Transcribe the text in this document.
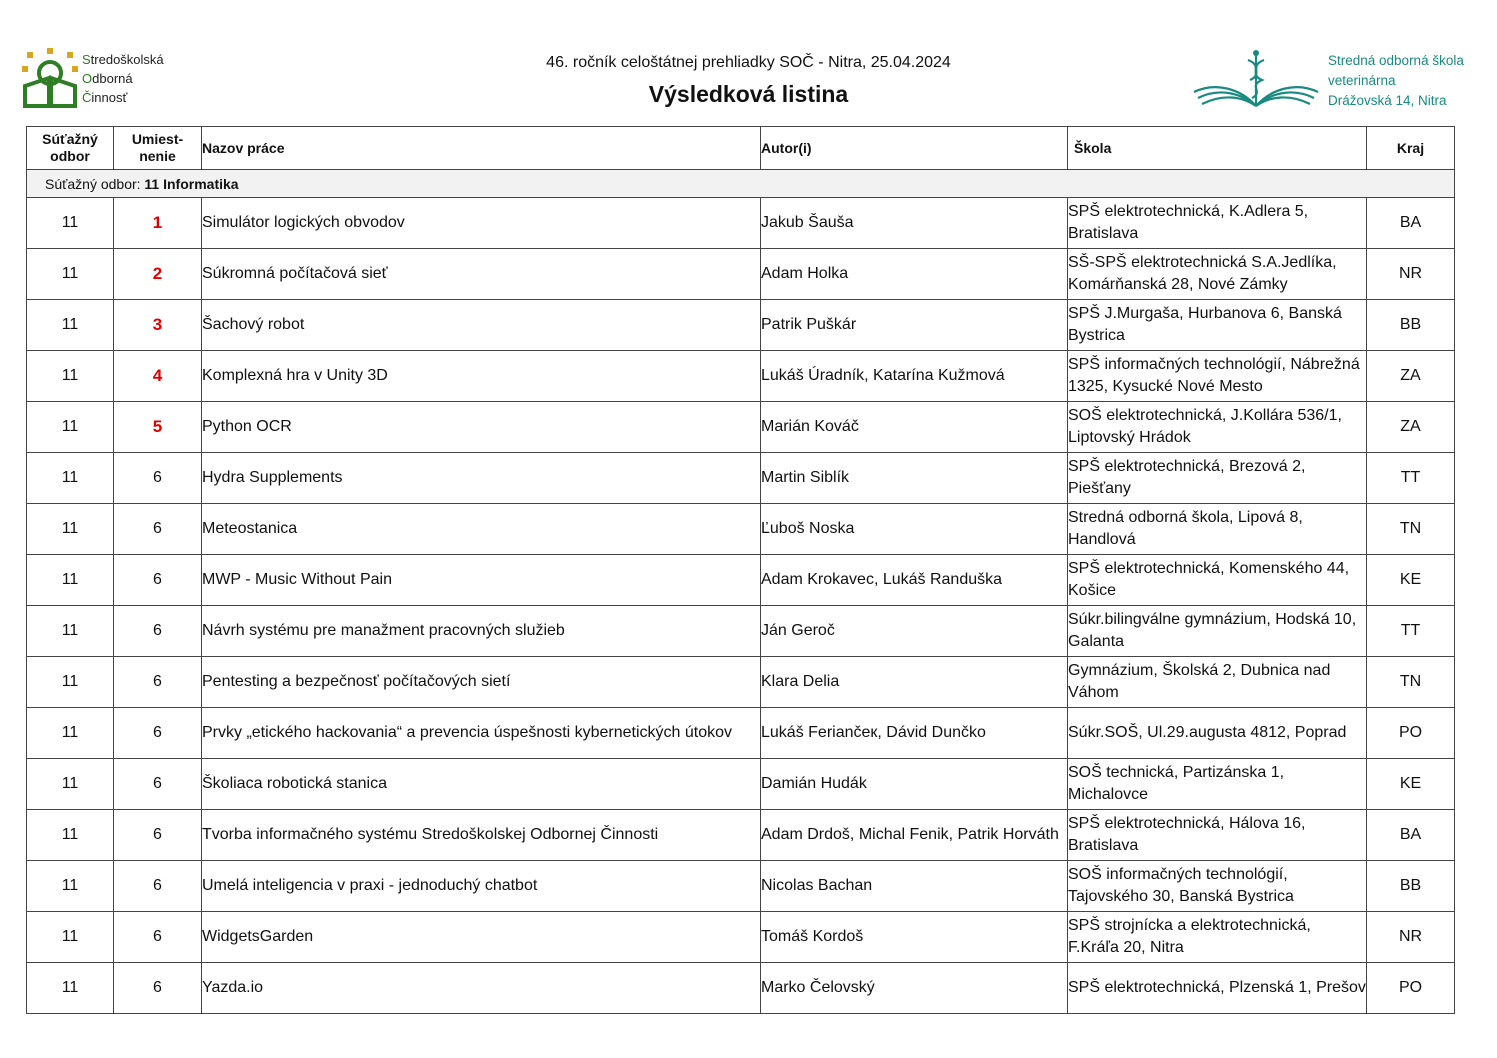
Stredoškolská
Odborná
Činnosť
46. ročník celoštátnej prehliadky SOČ - Nitra, 25.04.2024
Výsledková listina
Stredná odborná škola
veterinárna
Drážovská 14, Nitra
Súťažný odbor	Umiest-nenie	Nazov práce	Autor(i)	Škola	Kraj
Súťažný odbor: 11 Informatika					
11	1	Simulátor logických obvodov	Jakub Šauša	SPŠ elektrotechnická, K.Adlera 5, Bratislava	BA
11	2	Súkromná počítačová sieť	Adam Holka	SŠ-SPŠ elektrotechnická S.A.Jedlíka, Komárňanská 28, Nové Zámky	NR
11	3	Šachový robot	Patrik Puškár	SPŠ J.Murgaša, Hurbanova 6, Banská Bystrica	BB
11	4	Komplexná hra v Unity 3D	Lukáš Úradník, Katarína Kužmová	SPŠ informačných technológií, Nábrežná 1325, Kysucké Nové Mesto	ZA
11	5	Python OCR	Marián Kováč	SOŠ elektrotechnická, J.Kollára 536/1, Liptovský Hrádok	ZA
11	6	Hydra Supplements	Martin Siblík	SPŠ elektrotechnická, Brezová 2, Piešťany	TT
11	6	Meteostanica	Ľuboš Noska	Stredná odborná škola, Lipová 8, Handlová	TN
11	6	MWP - Music Without Pain	Adam Krokavec, Lukáš Randuška	SPŠ elektrotechnická, Komenského 44, Košice	KE
11	6	Návrh systému pre manažment pracovných služieb	Ján Geroč	Súkr.bilingválne gymnázium, Hodská 10, Galanta	TT
11	6	Pentesting a bezpečnosť počítačových sietí	Klara Delia	Gymnázium, Školská 2, Dubnica nad Váhom	TN
11	6	Prvky „etického hackovania“ a prevencia úspešnosti kybernetických útokov	Lukáš Feriančeк, Dávid Dunčko	Súkr.SOŠ, Ul.29.augusta 4812, Poprad	PO
11	6	Školiaca robotická stanica	Damián Hudák	SOŠ technická, Partizánska 1, Michalovce	KE
11	6	Tvorba informačného systému Stredoškolskej Odbornej Činnosti	Adam Drdoš, Michal Fenik, Patrik Horváth	SPŠ elektrotechnická, Hálova 16, Bratislava	BA
11	6	Umelá inteligencia v praxi - jednoduchý chatbot	Nicolas Bachan	SOŠ informačných technológií, Tajovského 30, Banská Bystrica	BB
11	6	WidgetsGarden	Tomáš Kordoš	SPŠ strojnícka a elektrotechnická, F.Kráľa 20, Nitra	NR
11	6	Yazda.io	Marko Čelovský	SPŠ elektrotechnická, Plzenská 1, Prešov	PO
